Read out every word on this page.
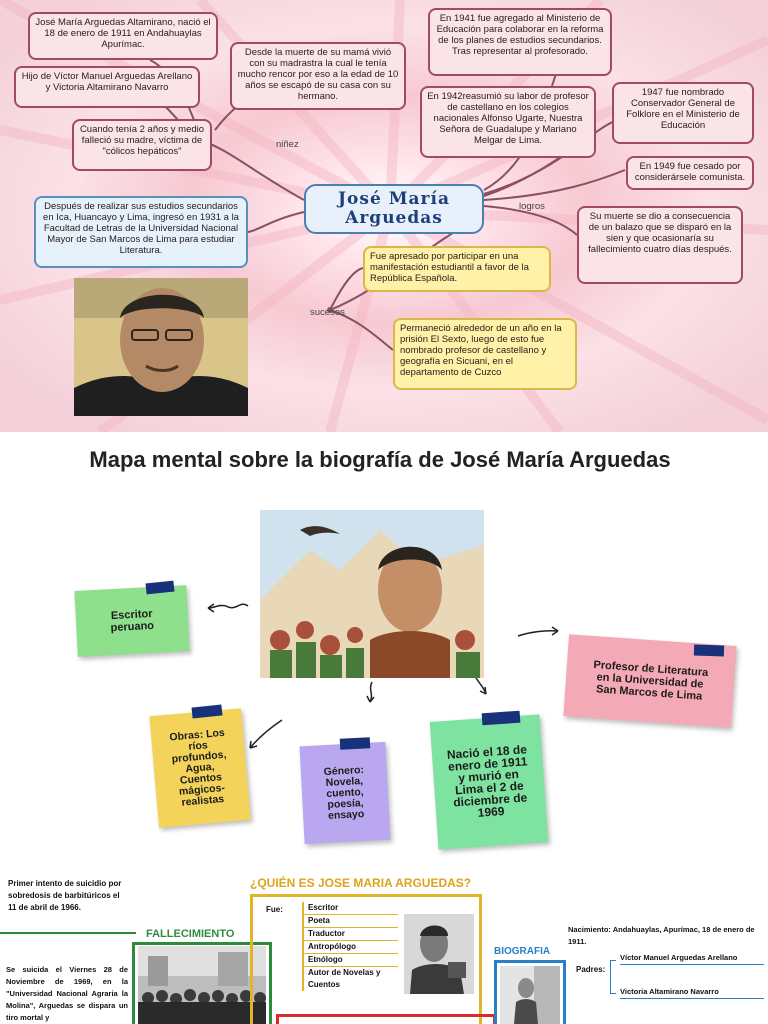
niñez
logros
sucesos
José María Arguedas
José María Arguedas Altamirano, nació el 18 de enero de 1911 en Andahuaylas Apurímac.
Hijo de Víctor Manuel Arguedas Arellano y Victoria Altamirano Navarro
Cuando tenía 2 años y medio falleció su madre, víctima de "cólicos hepáticos"
Desde la muerte de su mamá vivió con su madrastra la cual le tenía mucho rencor por eso a la edad de 10 años se escapó de su casa con su hermano.
Después de realizar sus estudios secundarios en Ica, Huancayo y Lima, ingresó en 1931 a la Facultad de Letras de la Universidad Nacional Mayor de San Marcos de Lima para estudiar Literatura.
En 1941 fue agregado al Ministerio de Educación para colaborar en la reforma de los planes de estudios secundarios. Tras representar al profesorado.
En 1942reasumió su labor de profesor de castellano en los colegios nacionales Alfonso Ugarte, Nuestra Señora de Guadalupe y Mariano Melgar de Lima.
1947 fue nombrado Conservador General de Folklore en el Ministerio de Educación
En 1949 fue cesado por considerársele comunista.
Su muerte se dio a consecuencia de un balazo que se disparó en la sien y que ocasionaría su fallecimiento cuatro días después.
Fue apresado por participar en una manifestación estudiantil a favor de la República Española.
Permaneció alrededor de un año en la prisión El Sexto, luego de esto fue nombrado profesor de castellano y geografía en Sicuani, en el departamento de Cuzco
Mapa mental sobre la biografía de José María Arguedas
Escritor peruano
Profesor de Literatura en la Universidad de San Marcos de Lima
Obras: Los ríos profundos, Agua, Cuentos mágicos-realistas
Género: Novela, cuento, poesía, ensayo
Nació el 18 de enero de 1911 y murió en Lima el 2 de diciembre de 1969
Primer intento de suicidio por sobredosis de barbitúricos el 11 de abril de 1966.
FALLECIMIENTO
Se suicida el Viernes 28 de Noviembre de 1969, en la "Universidad Nacional Agraria la Molina", Arguedas se dispara un tiro mortal y
¿QUIÉN ES JOSE MARIA ARGUEDAS?
Fue:	Escritor
Poeta
Traductor
Antropólogo
Etnólogo
Autor de Novelas y Cuentos
BIOGRAFIA
Nacimiento: Andahuaylas, Apurímac, 18 de enero de 1911.
Padres:
Víctor Manuel Arguedas Arellano
Victoria Altamirano Navarro
